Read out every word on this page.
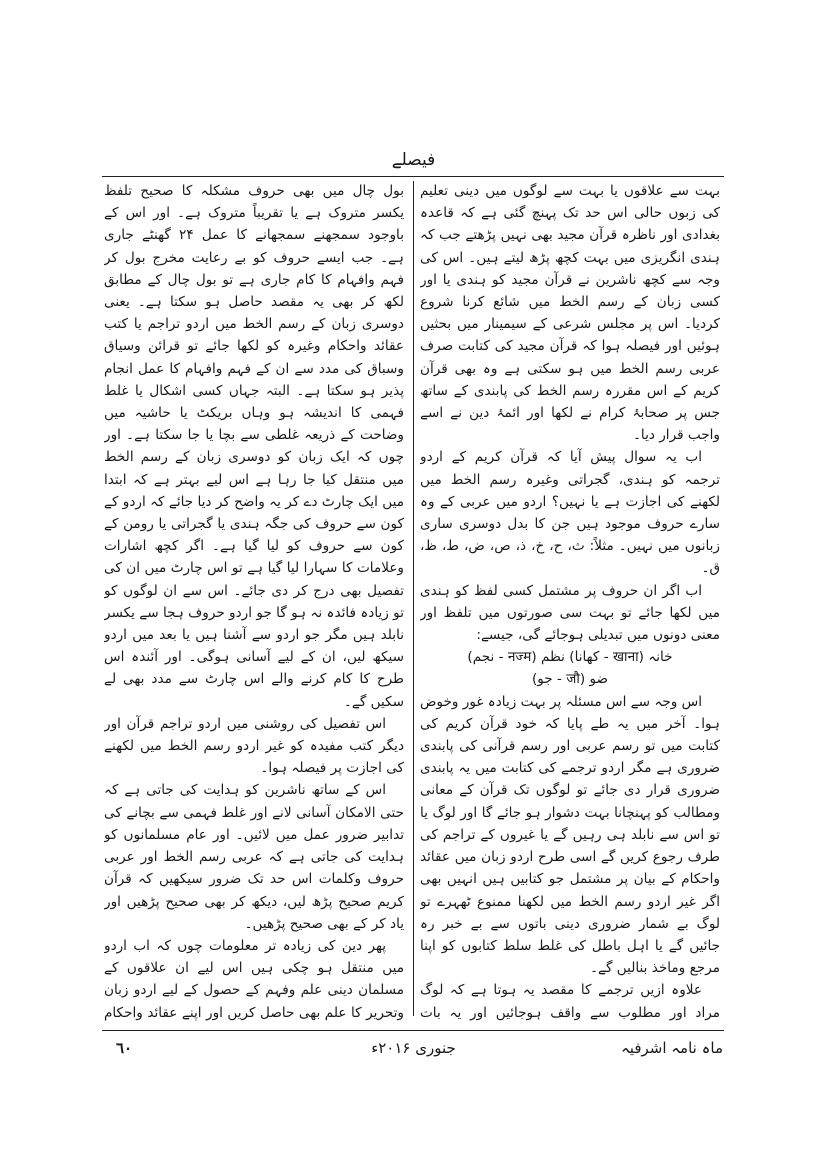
فیصلے

بہت سے علاقوں یا بہت سے لوگوں میں دینی تعلیم کی زبوں حالی اس حد تک پہنچ گئی ہے کہ قاعدہ بغدادی اور ناظرہ قرآن مجید بھی نہیں پڑھتے جب کہ ہندی انگریزی میں بہت کچھ پڑھ لیتے ہیں۔ اس کی وجہ سے کچھ ناشرین نے قرآن مجید کو ہندی یا اور کسی زبان کے رسم الخط میں شائع کرنا شروع کردیا۔ اس پر مجلس شرعی کے سیمینار میں بحثیں ہوئیں اور فیصلہ ہوا کہ قرآن مجید کی کتابت صرف عربی رسم الخط میں ہو سکتی ہے وہ بھی قرآن کریم کے اس مقررہ رسم الخط کی پابندی کے ساتھ جس پر صحابۂ کرام نے لکھا اور ائمۂ دین نے اسے واجب قرار دیا۔

اب یہ سوال پیش آیا کہ قرآن کریم کے اردو ترجمہ کو ہندی، گجراتی وغیرہ رسم الخط میں لکھنے کی اجازت ہے یا نہیں؟ اردو میں عربی کے وہ سارے حروف موجود ہیں جن کا بدل دوسری ساری زبانوں میں نہیں۔ مثلاً: ث، ح، خ، ذ، ص، ض، ط، ظ، ق۔

اب اگر ان حروف پر مشتمل کسی لفظ کو ہندی میں لکھا جائے تو بہت سی صورتوں میں تلفظ اور معنی دونوں میں تبدیلی ہوجائے گی، جیسے:

خانہ (खाना - کھانا) نظم (नज्म - نجم)

ضو (जौ - جو)

اس وجہ سے اس مسئلہ پر بہت زیادہ غور وخوض ہوا۔ آخر میں یہ طے پایا کہ خود قرآن کریم کی کتابت میں تو رسم عربی اور رسم قرآنی کی پابندی ضروری ہے مگر اردو ترجمے کی کتابت میں یہ پابندی ضروری قرار دی جائے تو لوگوں تک قرآن کے معانی ومطالب کو پہنچانا بہت دشوار ہو جائے گا اور لوگ یا تو اس سے نابلد ہی رہیں گے یا غیروں کے تراجم کی طرف رجوع کریں گے اسی طرح اردو زبان میں عقائد واحکام کے بیان پر مشتمل جو کتابیں ہیں انہیں بھی اگر غیر اردو رسم الخط میں لکھنا ممنوع ٹھہرے تو لوگ بے شمار ضروری دینی باتوں سے بے خبر رہ جائیں گے یا اہل باطل کی غلط سلط کتابوں کو اپنا مرجع وماخذ بنالیں گے۔

علاوہ ازیں ترجمے کا مقصد یہ ہوتا ہے کہ لوگ مراد اور مطلوب سے واقف ہوجائیں اور یہ بات

بول چال میں بھی حروف مشکلہ کا صحیح تلفظ یکسر متروک ہے یا تقریباً متروک ہے۔ اور اس کے باوجود سمجھنے سمجھانے کا عمل ۲۴ گھنٹے جاری ہے۔ جب ایسے حروف کو بے رعایت مخرج بول کر فہم وافہام کا کام جاری ہے تو بول چال کے مطابق لکھ کر بھی یہ مقصد حاصل ہو سکتا ہے۔ یعنی دوسری زبان کے رسم الخط میں اردو تراجم یا کتب عقائد واحکام وغیرہ کو لکھا جائے تو قرائن وسیاق وسباق کی مدد سے ان کے فہم وافہام کا عمل انجام پذیر ہو سکتا ہے۔ البتہ جہاں کسی اشکال یا غلط فہمی کا اندیشہ ہو وہاں بریکٹ یا حاشیہ میں وضاحت کے ذریعہ غلطی سے بچا یا جا سکتا ہے۔ اور چوں کہ ایک زبان کو دوسری زبان کے رسم الخط میں منتقل کیا جا رہا ہے اس لیے بہتر ہے کہ ابتدا میں ایک چارٹ دے کر یہ واضح کر دیا جائے کہ اردو کے کون سے حروف کی جگہ ہندی یا گجراتی یا رومن کے کون سے حروف کو لیا گیا ہے۔ اگر کچھ اشارات وعلامات کا سہارا لیا گیا ہے تو اس چارٹ میں ان کی تفصیل بھی درج کر دی جائے۔ اس سے ان لوگوں کو تو زیادہ فائدہ نہ ہو گا جو اردو حروف ہجا سے یکسر نابلد ہیں مگر جو اردو سے آشنا ہیں یا بعد میں اردو سیکھ لیں، ان کے لیے آسانی ہوگی۔ اور آئندہ اس طرح کا کام کرنے والے اس چارٹ سے مدد بھی لے سکیں گے۔

اس تفصیل کی روشنی میں اردو تراجم قرآن اور دیگر کتب مفیدہ کو غیر اردو رسم الخط میں لکھنے کی اجازت پر فیصلہ ہوا۔

اس کے ساتھ ناشرین کو ہدایت کی جاتی ہے کہ حتی الامکان آسانی لانے اور غلط فہمی سے بچانے کی تدابیر ضرور عمل میں لائیں۔ اور عام مسلمانوں کو ہدایت کی جاتی ہے کہ عربی رسم الخط اور عربی حروف وکلمات اس حد تک ضرور سیکھیں کہ قرآن کریم صحیح پڑھ لیں، دیکھ کر بھی صحیح پڑھیں اور یاد کر کے بھی صحیح پڑھیں۔

پھر دین کی زیادہ تر معلومات چوں کہ اب اردو میں منتقل ہو چکی ہیں اس لیے ان علاقوں کے مسلمان دینی علم وفہم کے حصول کے لیے اردو زبان وتحریر کا علم بھی حاصل کریں اور اپنے عقائد واحکام

ماہ نامہ اشرفیہ
جنوری ۲۰۱۶ء
٦٠
